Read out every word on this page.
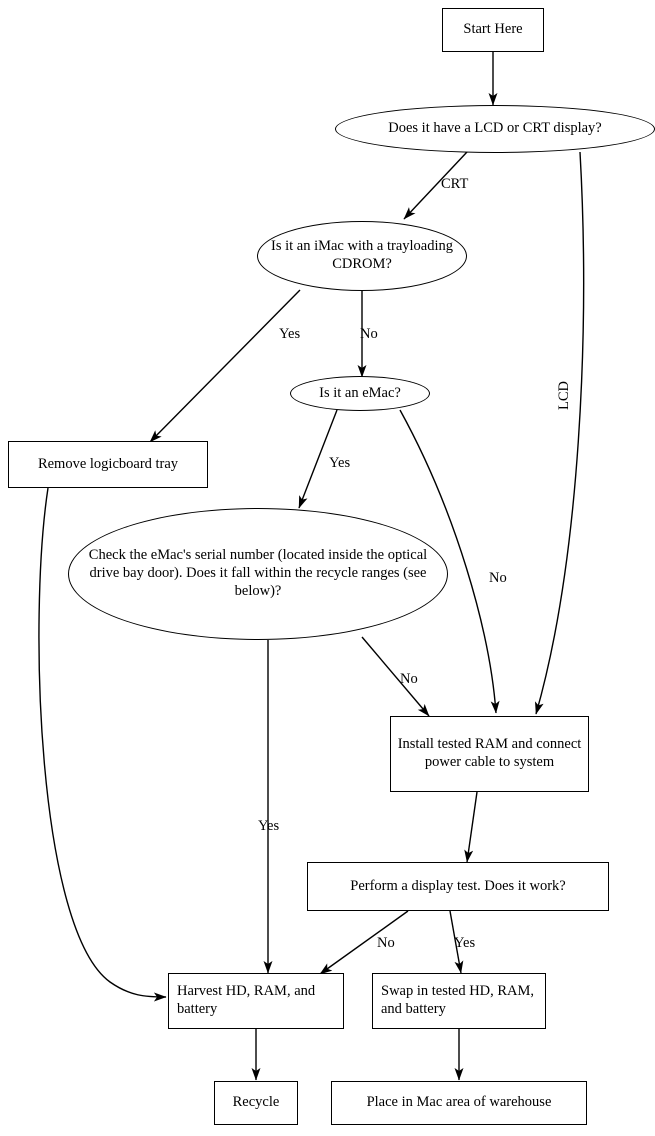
Start Here
Does it have a LCD or CRT display?
Is it an iMac with a trayloading CDROM?
Is it an eMac?
Remove logicboard tray
Check the eMac's serial number (located inside the optical drive bay door). Does it fall within the recycle ranges (see below)?
Install tested RAM and connect power cable to system
Perform a display test. Does it work?
Harvest HD, RAM, and battery
Swap in tested HD, RAM, and battery
Recycle	Place in Mac area of warehouse
CRT
LCD
Yes	No
Yes
No
No
Yes
No	Yes
